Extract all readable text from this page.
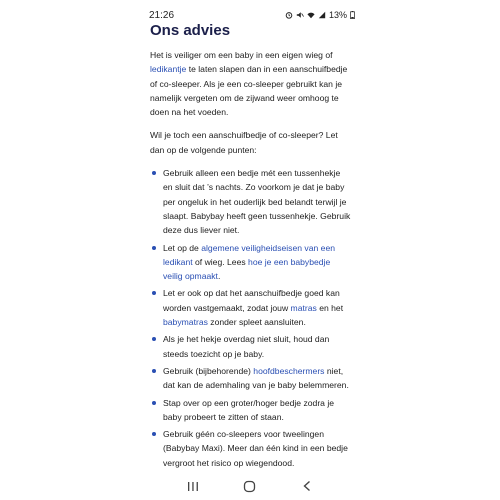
21:26	13%
Ons advies

Het is veiliger om een baby in een eigen wieg of ledikantje te laten slapen dan in een aanschuifbedje of co-sleeper. Als je een co-sleeper gebruikt kan je namelijk vergeten om de zijwand weer omhoog te doen na het voeden.

Wil je toch een aanschuifbedje of co-sleeper? Let dan op de volgende punten:

Gebruik alleen een bedje mét een tussenhekje en sluit dat ’s nachts. Zo voorkom je dat je baby per ongeluk in het ouderlijk bed belandt terwijl je slaapt. Babybay heeft geen tussenhekje. Gebruik deze dus liever niet.
Let op de algemene veiligheidseisen van een ledikant of wieg. Lees hoe je een babybedje veilig opmaakt.
Let er ook op dat het aanschuifbedje goed kan worden vastgemaakt, zodat jouw matras en het babymatras zonder spleet aansluiten.
Als je het hekje overdag niet sluit, houd dan steeds toezicht op je baby.
Gebruik (bijbehorende) hoofdbeschermers niet, dat kan de ademhaling van je baby belemmeren.
Stap over op een groter/hoger bedje zodra je baby probeert te zitten of staan.
Gebruik géén co-sleepers voor tweelingen (Babybay Maxi). Meer dan één kind in een bedje vergroot het risico op wiegendood.
